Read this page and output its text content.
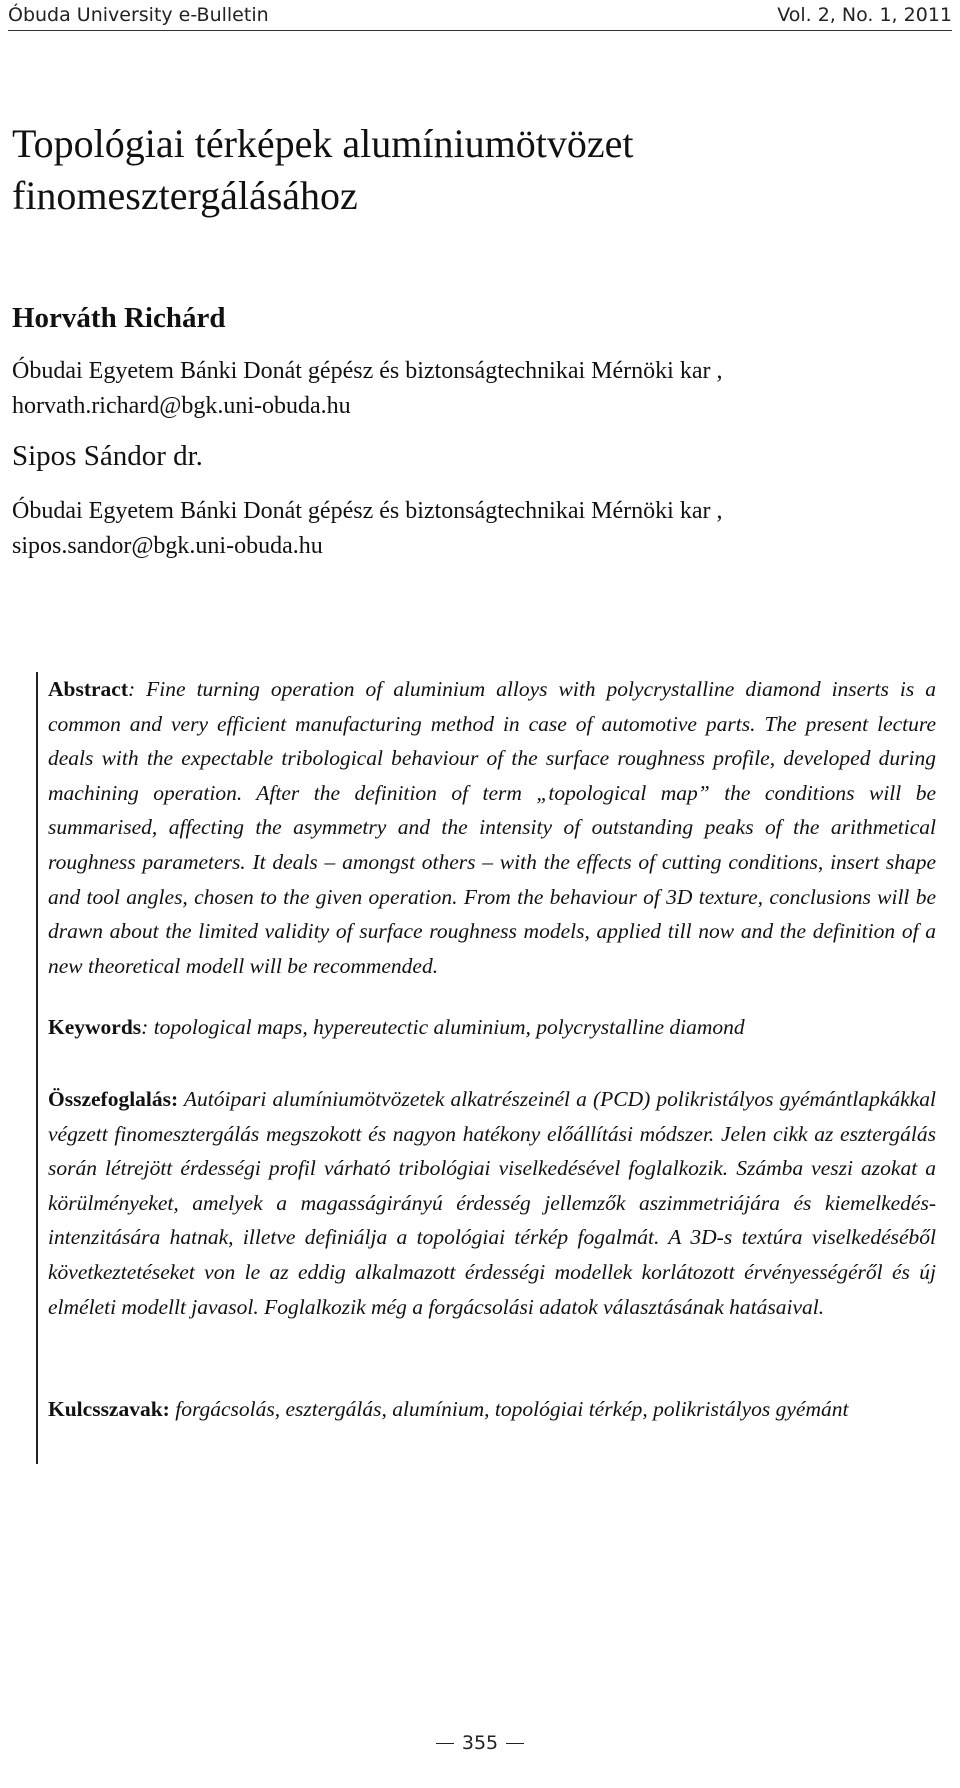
Óbuda University e-Bulletin	Vol. 2, No. 1, 2011
Topológiai térképek alumíniumötvözet
finomesztergálásához
Horváth Richárd
Óbudai Egyetem Bánki Donát gépész és biztonságtechnikai Mérnöki kar ,
horvath.richard@bgk.uni-obuda.hu
Sipos Sándor dr.
Óbudai Egyetem Bánki Donát gépész és biztonságtechnikai Mérnöki kar ,
sipos.sandor@bgk.uni-obuda.hu
Abstract: Fine turning operation of aluminium alloys with polycrystalline diamond inserts is a common and very efficient manufacturing method in case of automotive parts. The present lecture deals with the expectable tribological behaviour of the surface roughness profile, developed during machining operation. After the definition of term „topological map” the conditions will be summarised, affecting the asymmetry and the intensity of outstanding peaks of the arithmetical roughness parameters. It deals – amongst others – with the effects of cutting conditions, insert shape and tool angles, chosen to the given operation. From the behaviour of 3D texture, conclusions will be drawn about the limited validity of surface roughness models, applied till now and the definition of a new theoretical modell will be recommended.
Keywords: topological maps, hypereutectic aluminium, polycrystalline diamond
Összefoglalás: Autóipari alumíniumötvözetek alkatrészeinél a (PCD) polikristályos gyémántlapkákkal végzett finomesztergálás megszokott és nagyon hatékony előállítási módszer. Jelen cikk az esztergálás során létrejött érdességi profil várható tribológiai viselkedésével foglalkozik. Számba veszi azokat a körülményeket, amelyek a magasságirányú érdesség jellemzők aszimmetriájára és kiemelkedés-intenzitására hatnak, illetve definiálja a topológiai térkép fogalmát. A 3D-s textúra viselkedéséből következtetéseket von le az eddig alkalmazott érdességi modellek korlátozott érvényességéről és új elméleti modellt javasol. Foglalkozik még a forgácsolási adatok választásának hatásaival.
Kulcsszavak: forgácsolás, esztergálás, alumínium, topológiai térkép, polikristályos gyémánt
355
